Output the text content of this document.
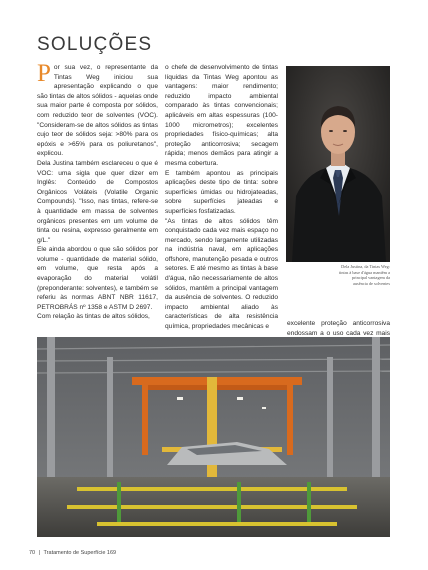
SOLUÇÕES

Por sua vez, o representante da Tintas Weg iniciou sua apresentação explicando o que são tintas de altos sólidos - aquelas onde sua maior parte é composta por sólidos, com reduzido teor de solventes (VOC). "Consideram-se de altos sólidos as tintas cujo teor de sólidos seja: >80% para os epóxis e >65% para os poliuretanos", explicou.

Dela Justina também esclareceu o que é VOC: uma sigla que quer dizer em Inglês: Conteúdo de Compostos Orgânicos Voláteis (Volatile Organic Compounds). "Isso, nas tintas, refere-se à quantidade em massa de solventes orgânicos presentes em um volume de tinta ou resina, expresso geralmente em g/L."

Ele ainda abordou o que são sólidos por volume - quantidade de material sólido, em volume, que resta após a evaporação do material volátil (preponderante: solventes), e também se referiu às normas ABNT NBR 11617, PETROBRÁS nº 1358 e ASTM D 2697.

Com relação às tintas de altos sólidos,

o chefe de desenvolvimento de tintas líquidas da Tintas Weg apontou as vantagens: maior rendimento; reduzido impacto ambiental comparado às tintas convencionais; aplicáveis em altas espessuras (100-1000 micrometros); excelentes propriedades físico-químicas; alta proteção anticorrosiva; secagem rápida; menos demãos para atingir a mesma cobertura.

E também apontou as principais aplicações deste tipo de tinta: sobre superfícies úmidas ou hidrojateadas, sobre superfícies jateadas e superfícies fosfatizadas.

"As tintas de altos sólidos têm conquistado cada vez mais espaço no mercado, sendo largamente utilizadas na indústria naval, em aplicações offshore, manutenção pesada e outros setores. E até mesmo as tintas à base d'água, não necessariamente de altos sólidos, mantêm a principal vantagem da ausência de solventes. O reduzido impacto ambiental aliado às características de alta resistência química, propriedades mecânicas e

Dela Justina, da Tintas Weg: tintas à base d'água mantêm a principal vantagem da ausência de solventes

excelente proteção anticorrosiva endossam a o uso cada vez mais

70 | Tratamento de Superfície 169
